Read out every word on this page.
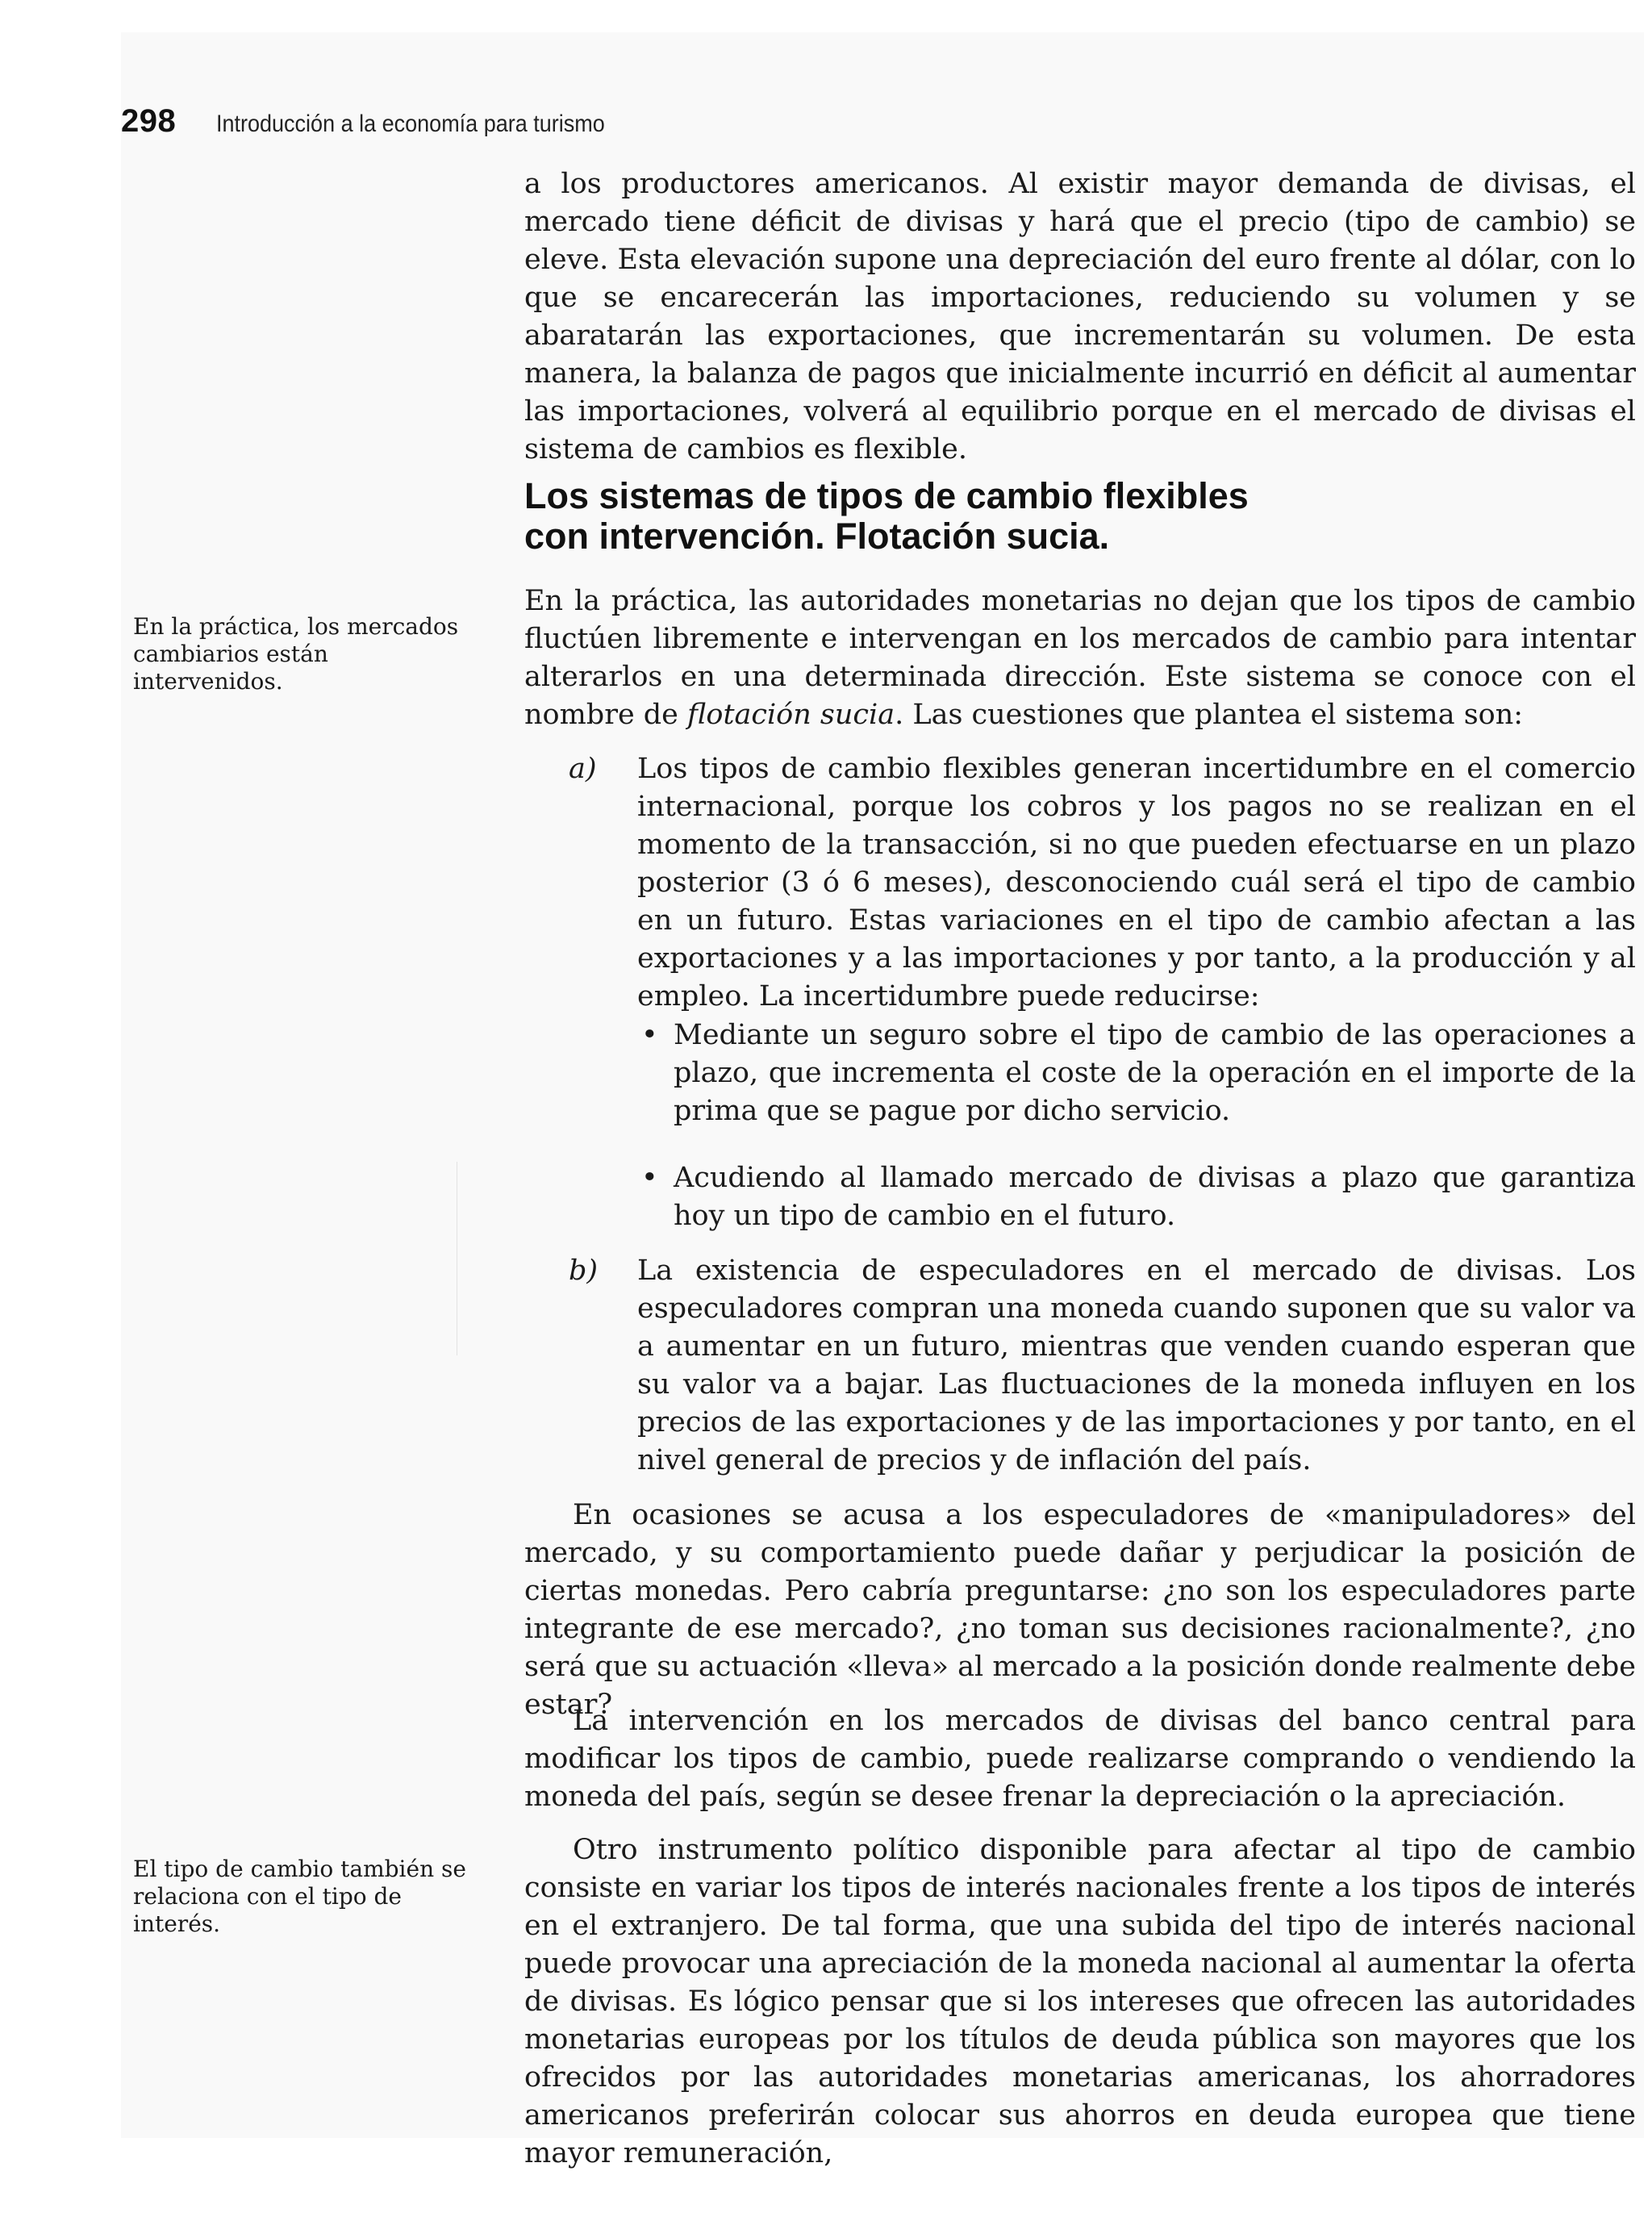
298 Introducción a la economía para turismo

a los productores americanos. Al existir mayor demanda de divisas, el mercado tiene déficit de divisas y hará que el precio (tipo de cambio) se eleve. Esta elevación supone una depreciación del euro frente al dólar, con lo que se encarecerán las importaciones, reduciendo su volumen y se abaratarán las exportaciones, que incrementarán su volumen. De esta manera, la balanza de pagos que inicialmente incurrió en déficit al aumentar las importaciones, volverá al equilibrio porque en el mercado de divisas el sistema de cambios es flexible.

Los sistemas de tipos de cambio flexibles
con intervención. Flotación sucia.
En la práctica, los mercados cambiarios están intervenidos.

En la práctica, las autoridades monetarias no dejan que los tipos de cambio fluctúen libremente e intervengan en los mercados de cambio para intentar alterarlos en una determinada dirección. Este sistema se conoce con el nombre de flotación sucia. Las cuestiones que plantea el sistema son:

a) Los tipos de cambio flexibles generan incertidumbre en el comercio internacional, porque los cobros y los pagos no se realizan en el momento de la transacción, si no que pueden efectuarse en un plazo posterior (3 ó 6 meses), desconociendo cuál será el tipo de cambio en un futuro. Estas variaciones en el tipo de cambio afectan a las exportaciones y a las importaciones y por tanto, a la producción y al empleo. La incertidumbre puede reducirse:

• Mediante un seguro sobre el tipo de cambio de las operaciones a plazo, que incrementa el coste de la operación en el importe de la prima que se pague por dicho servicio.

• Acudiendo al llamado mercado de divisas a plazo que garantiza hoy un tipo de cambio en el futuro.

b) La existencia de especuladores en el mercado de divisas. Los especuladores compran una moneda cuando suponen que su valor va a aumentar en un futuro, mientras que venden cuando esperan que su valor va a bajar. Las fluctuaciones de la moneda influyen en los precios de las exportaciones y de las importaciones y por tanto, en el nivel general de precios y de inflación del país.

En ocasiones se acusa a los especuladores de «manipuladores» del mercado, y su comportamiento puede dañar y perjudicar la posición de ciertas monedas. Pero cabría preguntarse: ¿no son los especuladores parte integrante de ese mercado?, ¿no toman sus decisiones racionalmente?, ¿no será que su actuación «lleva» al mercado a la posición donde realmente debe estar?

La intervención en los mercados de divisas del banco central para modificar los tipos de cambio, puede realizarse comprando o vendiendo la moneda del país, según se desee frenar la depreciación o la apreciación.

El tipo de cambio también se relaciona con el tipo de interés.

Otro instrumento político disponible para afectar al tipo de cambio consiste en variar los tipos de interés nacionales frente a los tipos de interés en el extranjero. De tal forma, que una subida del tipo de interés nacional puede provocar una apreciación de la moneda nacional al aumentar la oferta de divisas. Es lógico pensar que si los intereses que ofrecen las autoridades monetarias europeas por los títulos de deuda pública son mayores que los ofrecidos por las autoridades monetarias americanas, los ahorradores americanos preferirán colocar sus ahorros en deuda europea que tiene mayor remuneración,
